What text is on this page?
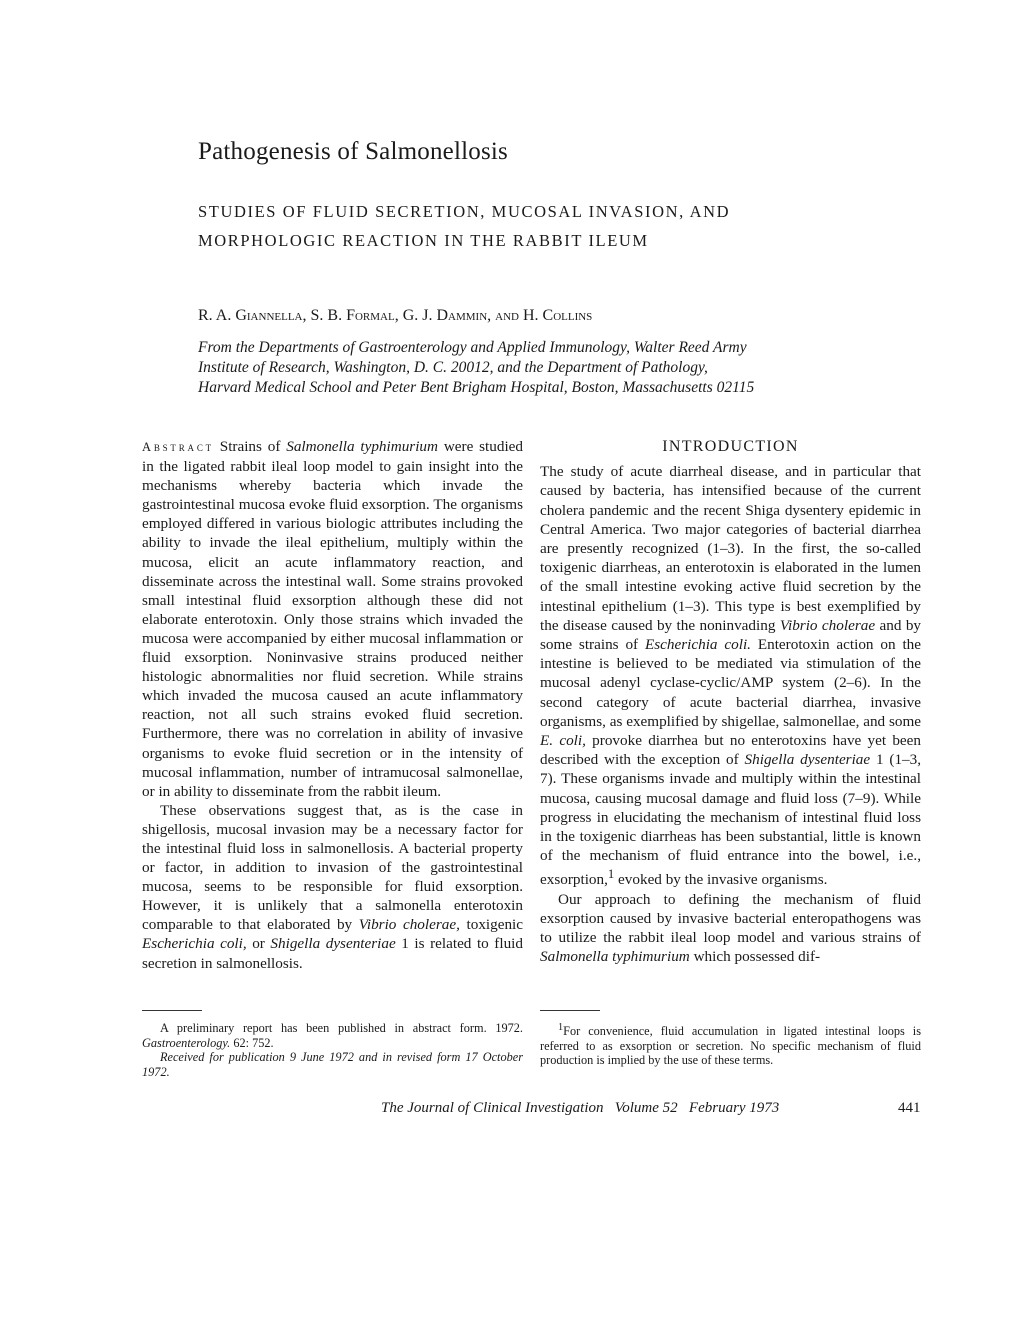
Pathogenesis of Salmonellosis
STUDIES OF FLUID SECRETION, MUCOSAL INVASION, AND MORPHOLOGIC REACTION IN THE RABBIT ILEUM
R. A. Giannella, S. B. Formal, G. J. Dammin, and H. Collins
From the Departments of Gastroenterology and Applied Immunology, Walter Reed Army Institute of Research, Washington, D. C. 20012, and the Department of Pathology, Harvard Medical School and Peter Bent Brigham Hospital, Boston, Massachusetts 02115

Abstract Strains of Salmonella typhimurium were studied in the ligated rabbit ileal loop model to gain insight into the mechanisms whereby bacteria which invade the gastrointestinal mucosa evoke fluid exsorption. The organisms employed differed in various biologic attributes including the ability to invade the ileal epithelium, multiply within the mucosa, elicit an acute inflammatory reaction, and disseminate across the intestinal wall. Some strains provoked small intestinal fluid exsorption although these did not elaborate enterotoxin. Only those strains which invaded the mucosa were accompanied by either mucosal inflammation or fluid exsorption. Noninvasive strains produced neither histologic abnormalities nor fluid secretion. While strains which invaded the mucosa caused an acute inflammatory reaction, not all such strains evoked fluid secretion. Furthermore, there was no correlation in ability of invasive organisms to evoke fluid secretion or in the intensity of mucosal inflammation, number of intramucosal salmonellae, or in ability to disseminate from the rabbit ileum.

These observations suggest that, as is the case in shigellosis, mucosal invasion may be a necessary factor for the intestinal fluid loss in salmonellosis. A bacterial property or factor, in addition to invasion of the gastrointestinal mucosa, seems to be responsible for fluid exsorption. However, it is unlikely that a salmonella enterotoxin comparable to that elaborated by Vibrio cholerae, toxigenic Escherichia coli, or Shigella dysenteriae 1 is related to fluid secretion in salmonellosis.

INTRODUCTION

The study of acute diarrheal disease, and in particular that caused by bacteria, has intensified because of the current cholera pandemic and the recent Shiga dysentery epidemic in Central America. Two major categories of bacterial diarrhea are presently recognized (1–3). In the first, the so-called toxigenic diarrheas, an enterotoxin is elaborated in the lumen of the small intestine evoking active fluid secretion by the intestinal epithelium (1–3). This type is best exemplified by the disease caused by the noninvading Vibrio cholerae and by some strains of Escherichia coli. Enterotoxin action on the intestine is believed to be mediated via stimulation of the mucosal adenyl cyclase-cyclic/AMP system (2–6). In the second category of acute bacterial diarrhea, invasive organisms, as exemplified by shigellae, salmonellae, and some E. coli, provoke diarrhea but no enterotoxins have yet been described with the exception of Shigella dysenteriae 1 (1–3, 7). These organisms invade and multiply within the intestinal mucosa, causing mucosal damage and fluid loss (7–9). While progress in elucidating the mechanism of intestinal fluid loss in the toxigenic diarrheas has been substantial, little is known of the mechanism of fluid entrance into the bowel, i.e., exsorption,$^1$ evoked by the invasive organisms.

Our approach to defining the mechanism of fluid exsorption caused by invasive bacterial enteropathogens was to utilize the rabbit ileal loop model and various strains of Salmonella typhimurium which possessed dif-

A preliminary report has been published in abstract form. 1972. Gastroenterology. 62: 752.

Received for publication 9 June 1972 and in revised form 17 October 1972.

$^1$For convenience, fluid accumulation in ligated intestinal loops is referred to as exsorption or secretion. No specific mechanism of fluid production is implied by the use of these terms.

The Journal of Clinical Investigation Volume 52 February 1973	441
